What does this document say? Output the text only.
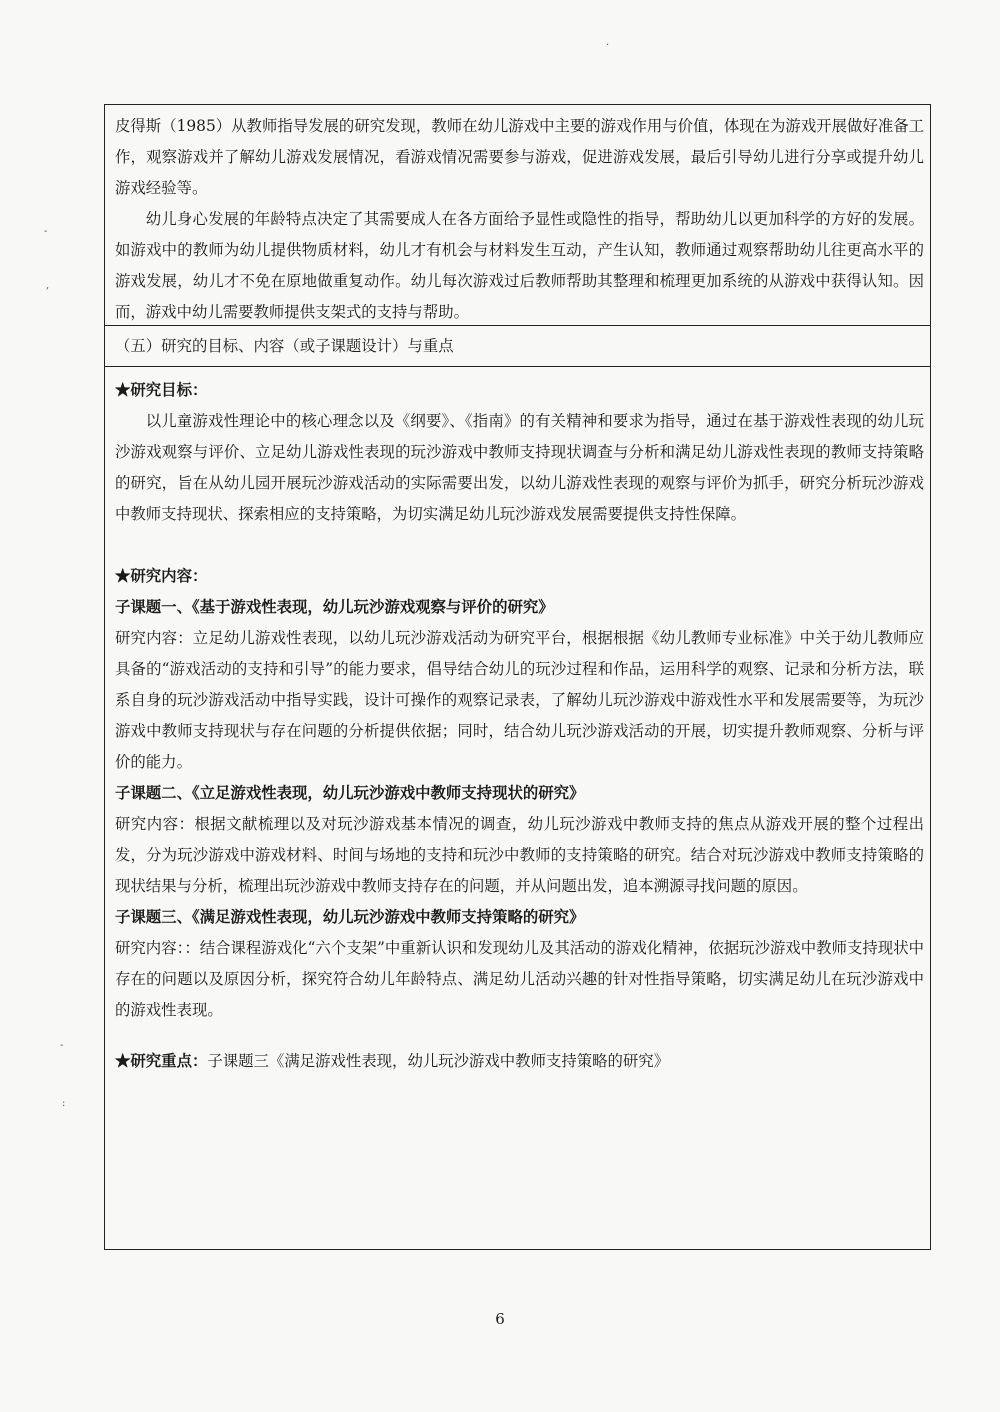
皮得斯（1985）从教师指导发展的研究发现，教师在幼儿游戏中主要的游戏作用与价值，体现在为游戏开展做好准备工作，观察游戏并了解幼儿游戏发展情况，看游戏情况需要参与游戏，促进游戏发展，最后引导幼儿进行分享或提升幼儿游戏经验等。

幼儿身心发展的年龄特点决定了其需要成人在各方面给予显性或隐性的指导，帮助幼儿以更加科学的方好的发展。如游戏中的教师为幼儿提供物质材料，幼儿才有机会与材料发生互动，产生认知，教师通过观察帮助幼儿往更高水平的游戏发展，幼儿才不免在原地做重复动作。幼儿每次游戏过后教师帮助其整理和梳理更加系统的从游戏中获得认知。因而，游戏中幼儿需要教师提供支架式的支持与帮助。

（五）研究的目标、内容（或子课题设计）与重点

★研究目标：

以儿童游戏性理论中的核心理念以及《纲要》、《指南》的有关精神和要求为指导，通过在基于游戏性表现的幼儿玩沙游戏观察与评价、立足幼儿游戏性表现的玩沙游戏中教师支持现状调查与分析和满足幼儿游戏性表现的教师支持策略的研究，旨在从幼儿园开展玩沙游戏活动的实际需要出发，以幼儿游戏性表现的观察与评价为抓手，研究分析玩沙游戏中教师支持现状、探索相应的支持策略，为切实满足幼儿玩沙游戏发展需要提供支持性保障。

★研究内容：

子课题一、《基于游戏性表现，幼儿玩沙游戏观察与评价的研究》

研究内容：立足幼儿游戏性表现，以幼儿玩沙游戏活动为研究平台，根据根据《幼儿教师专业标准》中关于幼儿教师应具备的“游戏活动的支持和引导”的能力要求，倡导结合幼儿的玩沙过程和作品，运用科学的观察、记录和分析方法，联系自身的玩沙游戏活动中指导实践，设计可操作的观察记录表，了解幼儿玩沙游戏中游戏性水平和发展需要等，为玩沙游戏中教师支持现状与存在问题的分析提供依据；同时，结合幼儿玩沙游戏活动的开展，切实提升教师观察、分析与评价的能力。

子课题二、《立足游戏性表现，幼儿玩沙游戏中教师支持现状的研究》

研究内容：根据文献梳理以及对玩沙游戏基本情况的调查，幼儿玩沙游戏中教师支持的焦点从游戏开展的整个过程出发，分为玩沙游戏中游戏材料、时间与场地的支持和玩沙中教师的支持策略的研究。结合对玩沙游戏中教师支持策略的现状结果与分析，梳理出玩沙游戏中教师支持存在的问题，并从问题出发，追本溯源寻找问题的原因。

子课题三、《满足游戏性表现，幼儿玩沙游戏中教师支持策略的研究》

研究内容：：结合课程游戏化“六个支架”中重新认识和发现幼儿及其活动的游戏化精神，依据玩沙游戏中教师支持现状中存在的问题以及原因分析，探究符合幼儿年龄特点、满足幼儿活动兴趣的针对性指导策略，切实满足幼儿在玩沙游戏中的游戏性表现。

★研究重点：子课题三《满足游戏性表现，幼儿玩沙游戏中教师支持策略的研究》

6
·
-
,
-
:
